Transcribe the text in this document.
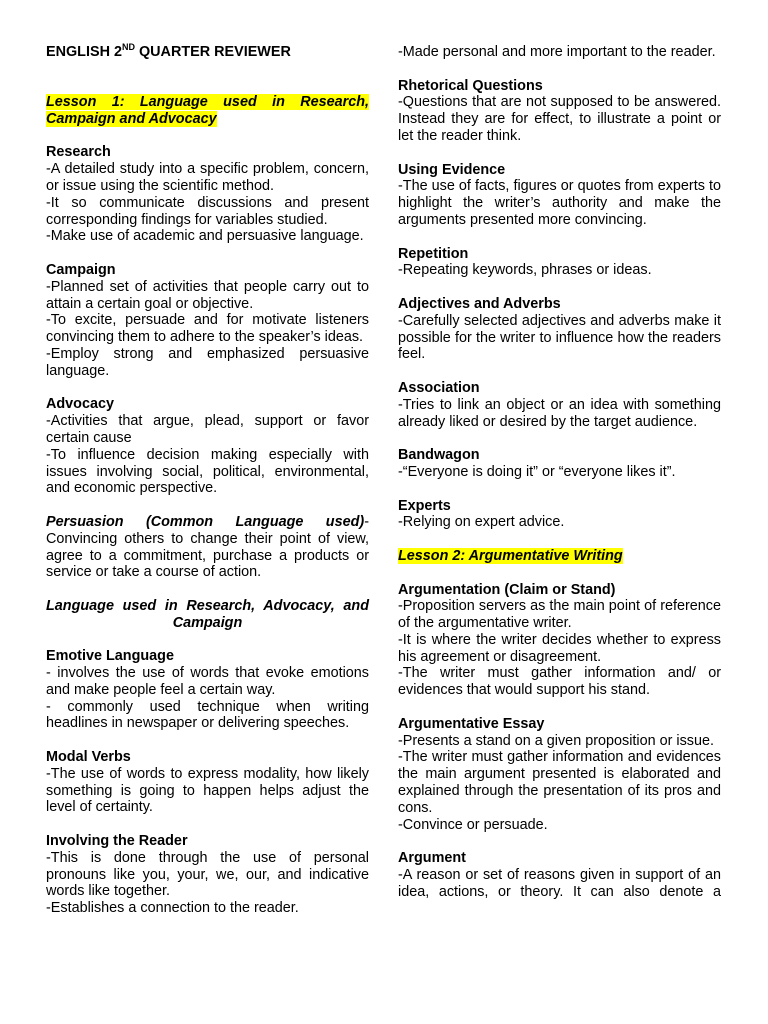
ENGLISH 2ND QUARTER REVIEWER

Lesson 1: Language used in Research, Campaign and Advocacy

Research

-A detailed study into a specific problem, concern, or issue using the scientific method.

-It so communicate discussions and present corresponding findings for variables studied.

-Make use of academic and persuasive language.

Campaign

-Planned set of activities that people carry out to attain a certain goal or objective.

-To excite, persuade and for motivate listeners convincing them to adhere to the speaker’s ideas.

-Employ strong and emphasized persuasive language.

Advocacy

-Activities that argue, plead, support or favor certain cause

-To influence decision making especially with issues involving social, political, environmental, and economic perspective.

Persuasion (Common Language used)-Convincing others to change their point of view, agree to a commitment, purchase a products or service or take a course of action.

Language used in Research, Advocacy, and

Campaign

Emotive Language

- involves the use of words that evoke emotions and make people feel a certain way.

- commonly used technique when writing headlines in newspaper or delivering speeches.

Modal Verbs

-The use of words to express modality, how likely something is going to happen helps adjust the level of certainty.

Involving the Reader

-This is done through the use of personal pronouns like you, your, we, our, and indicative words like together.

-Establishes a connection to the reader.

-Made personal and more important to the reader.

Rhetorical Questions

-Questions that are not supposed to be answered. Instead they are for effect, to illustrate a point or let the reader think.

Using Evidence

-The use of facts, figures or quotes from experts to highlight the writer’s authority and make the arguments presented more convincing.

Repetition

-Repeating keywords, phrases or ideas.

Adjectives and Adverbs

-Carefully selected adjectives and adverbs make it possible for the writer to influence how the readers feel.

Association

-Tries to link an object or an idea with something already liked or desired by the target audience.

Bandwagon

-“Everyone is doing it” or “everyone likes it”.

Experts

-Relying on expert advice.

Lesson 2: Argumentative Writing

Argumentation (Claim or Stand)

-Proposition servers as the main point of reference of the argumentative writer.

-It is where the writer decides whether to express his agreement or disagreement.

-The writer must gather information and/ or evidences that would support his stand.

Argumentative Essay

-Presents a stand on a given proposition or issue.

-The writer must gather information and evidences the main argument presented is elaborated and explained through the presentation of its pros and cons.

-Convince or persuade.

Argument

-A reason or set of reasons given in support of an idea, actions, or theory. It can also denote a
